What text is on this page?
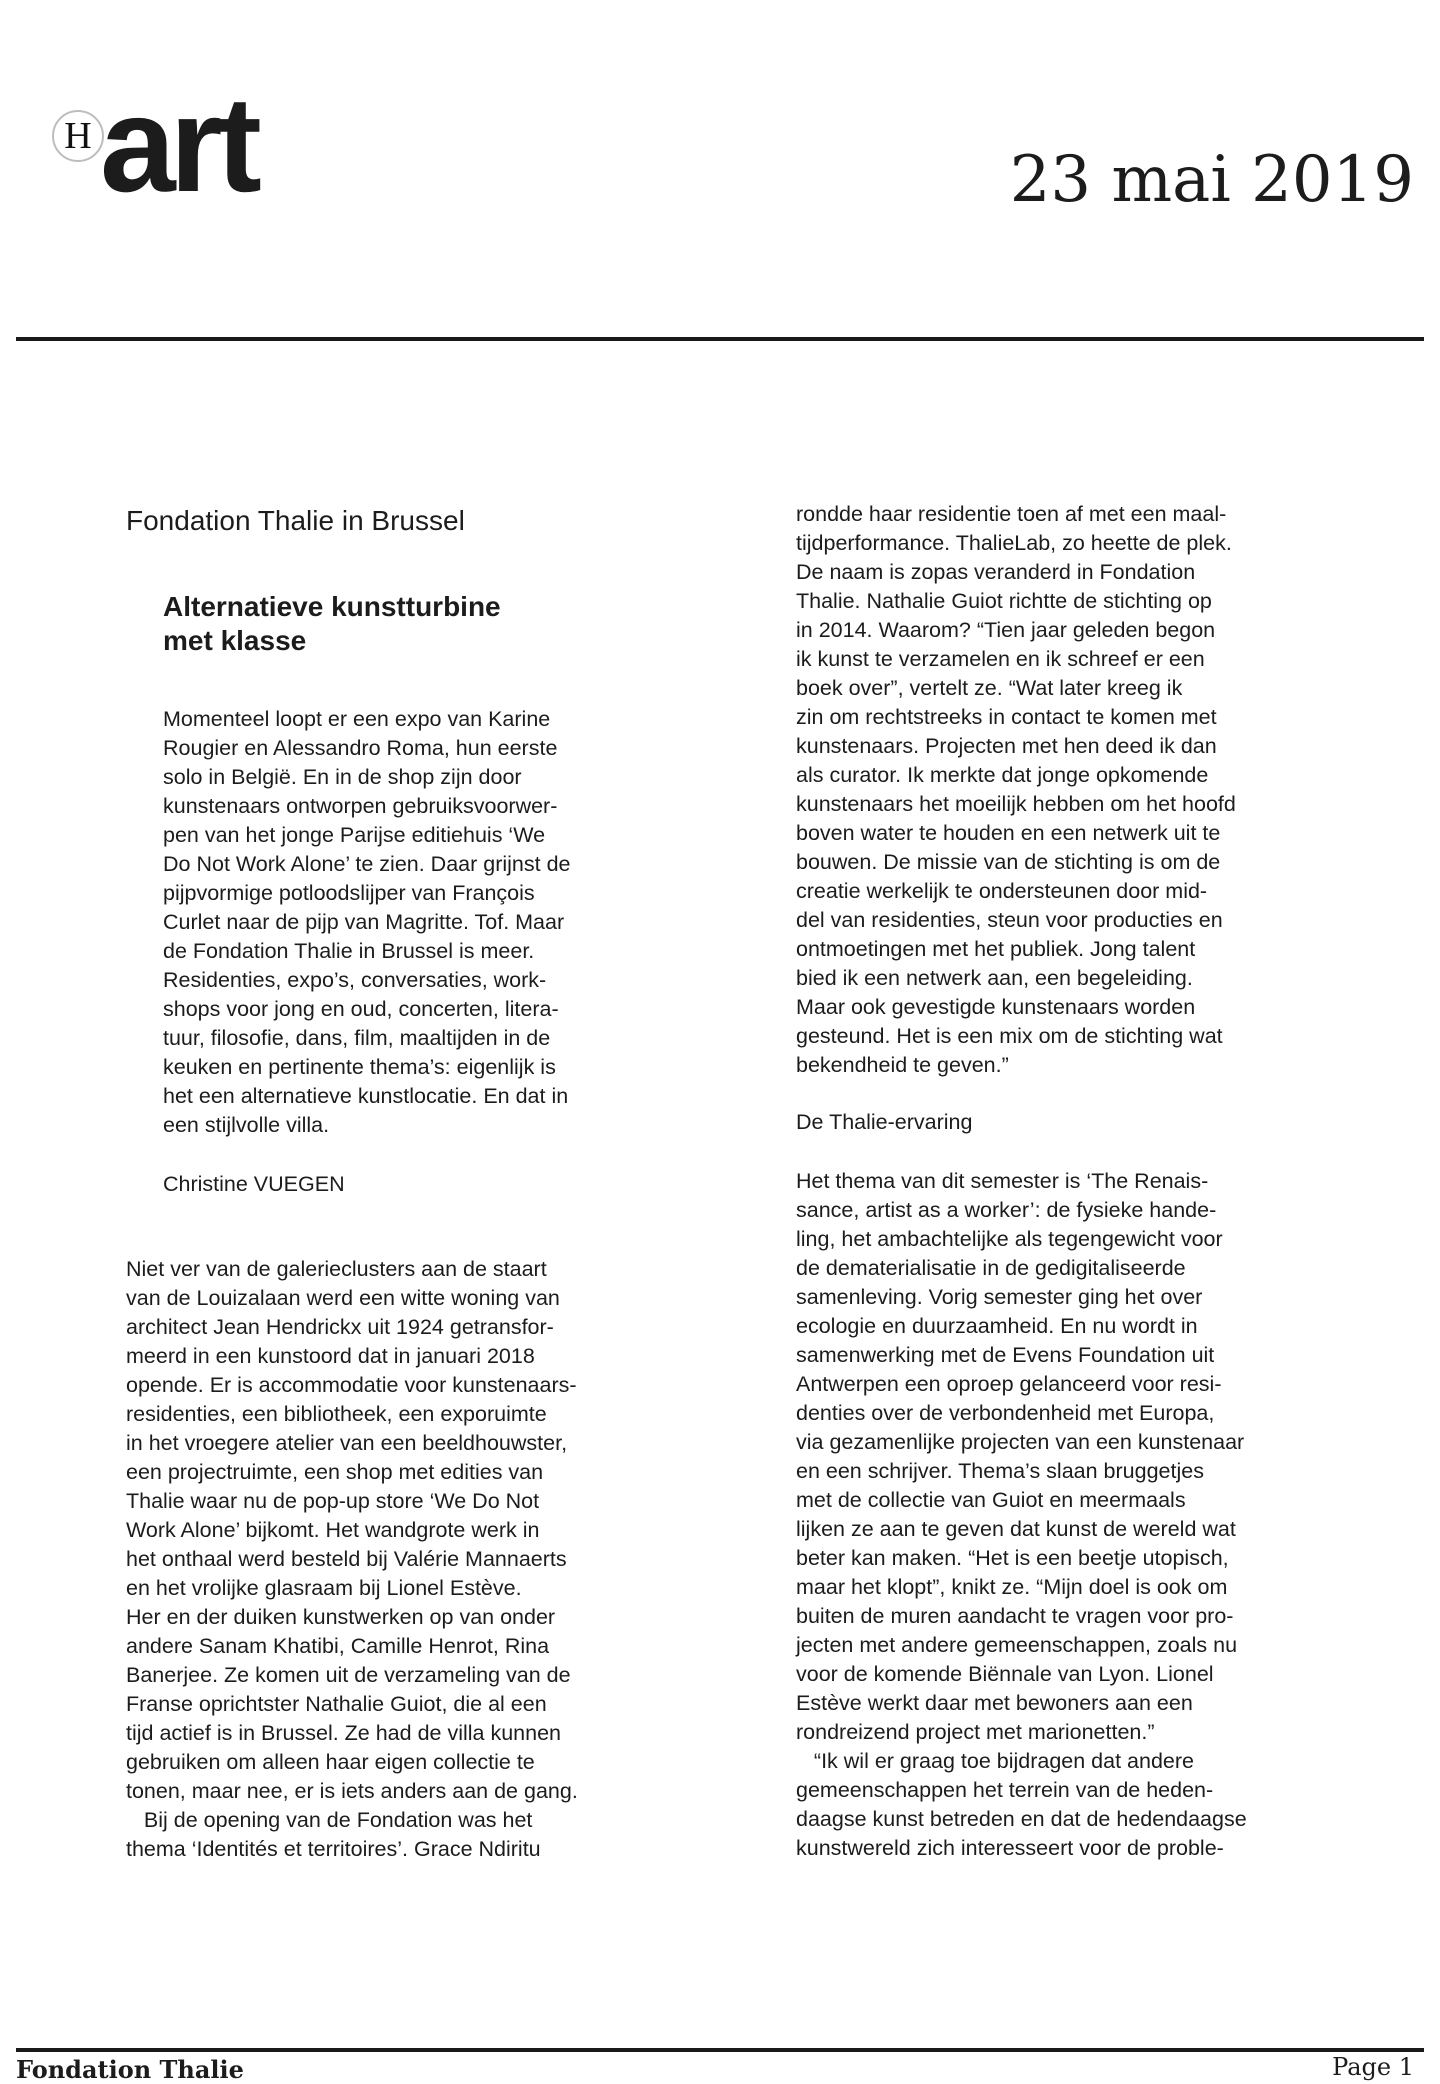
H art	23 mai 2019
Fondation Thalie in Brussel
Alternatieve kunstturbine
met klasse
Momenteel loopt er een expo van Karine
Rougier en Alessandro Roma, hun eerste
solo in België. En in de shop zijn door
kunstenaars ontworpen gebruiksvoorwer-
pen van het jonge Parijse editiehuis ‘We
Do Not Work Alone’ te zien. Daar grijnst de
pijpvormige potloodslijper van François
Curlet naar de pijp van Magritte. Tof. Maar
de Fondation Thalie in Brussel is meer.
Residenties, expo’s, conversaties, work-
shops voor jong en oud, concerten, litera-
tuur, filosofie, dans, film, maaltijden in de
keuken en pertinente thema’s: eigenlijk is
het een alternatieve kunstlocatie. En dat in
een stijlvolle villa.
Christine VUEGEN
Niet ver van de galerieclusters aan de staart
van de Louizalaan werd een witte woning van
architect Jean Hendrickx uit 1924 getransfor-
meerd in een kunstoord dat in januari 2018
opende. Er is accommodatie voor kunstenaars-
residenties, een bibliotheek, een exporuimte
in het vroegere atelier van een beeldhouwster,
een projectruimte, een shop met edities van
Thalie waar nu de pop-up store ‘We Do Not
Work Alone’ bijkomt. Het wandgrote werk in
het onthaal werd besteld bij Valérie Mannaerts
en het vrolijke glasraam bij Lionel Estève.
Her en der duiken kunstwerken op van onder
andere Sanam Khatibi, Camille Henrot, Rina
Banerjee. Ze komen uit de verzameling van de
Franse oprichtster Nathalie Guiot, die al een
tijd actief is in Brussel. Ze had de villa kunnen
gebruiken om alleen haar eigen collectie te
tonen, maar nee, er is iets anders aan de gang.
Bij de opening van de Fondation was het
thema ‘Identités et territoires’. Grace Ndiritu
rondde haar residentie toen af met een maal-
tijdperformance. ThalieLab, zo heette de plek.
De naam is zopas veranderd in Fondation
Thalie. Nathalie Guiot richtte de stichting op
in 2014. Waarom? “Tien jaar geleden begon
ik kunst te verzamelen en ik schreef er een
boek over”, vertelt ze. “Wat later kreeg ik
zin om rechtstreeks in contact te komen met
kunstenaars. Projecten met hen deed ik dan
als curator. Ik merkte dat jonge opkomende
kunstenaars het moeilijk hebben om het hoofd
boven water te houden en een netwerk uit te
bouwen. De missie van de stichting is om de
creatie werkelijk te ondersteunen door mid-
del van residenties, steun voor producties en
ontmoetingen met het publiek. Jong talent
bied ik een netwerk aan, een begeleiding.
Maar ook gevestigde kunstenaars worden
gesteund. Het is een mix om de stichting wat
bekendheid te geven.”
De Thalie-ervaring
Het thema van dit semester is ‘The Renais-
sance, artist as a worker’: de fysieke hande-
ling, het ambachtelijke als tegengewicht voor
de dematerialisatie in de gedigitaliseerde
samenleving. Vorig semester ging het over
ecologie en duurzaamheid. En nu wordt in
samenwerking met de Evens Foundation uit
Antwerpen een oproep gelanceerd voor resi-
denties over de verbondenheid met Europa,
via gezamenlijke projecten van een kunstenaar
en een schrijver. Thema’s slaan bruggetjes
met de collectie van Guiot en meermaals
lijken ze aan te geven dat kunst de wereld wat
beter kan maken. “Het is een beetje utopisch,
maar het klopt”, knikt ze. “Mijn doel is ook om
buiten de muren aandacht te vragen voor pro-
jecten met andere gemeenschappen, zoals nu
voor de komende Biënnale van Lyon. Lionel
Estève werkt daar met bewoners aan een
rondreizend project met marionetten.”
“Ik wil er graag toe bijdragen dat andere
gemeenschappen het terrein van de heden-
daagse kunst betreden en dat de hedendaagse
kunstwereld zich interesseert voor de proble-
Fondation Thalie	Page 1
